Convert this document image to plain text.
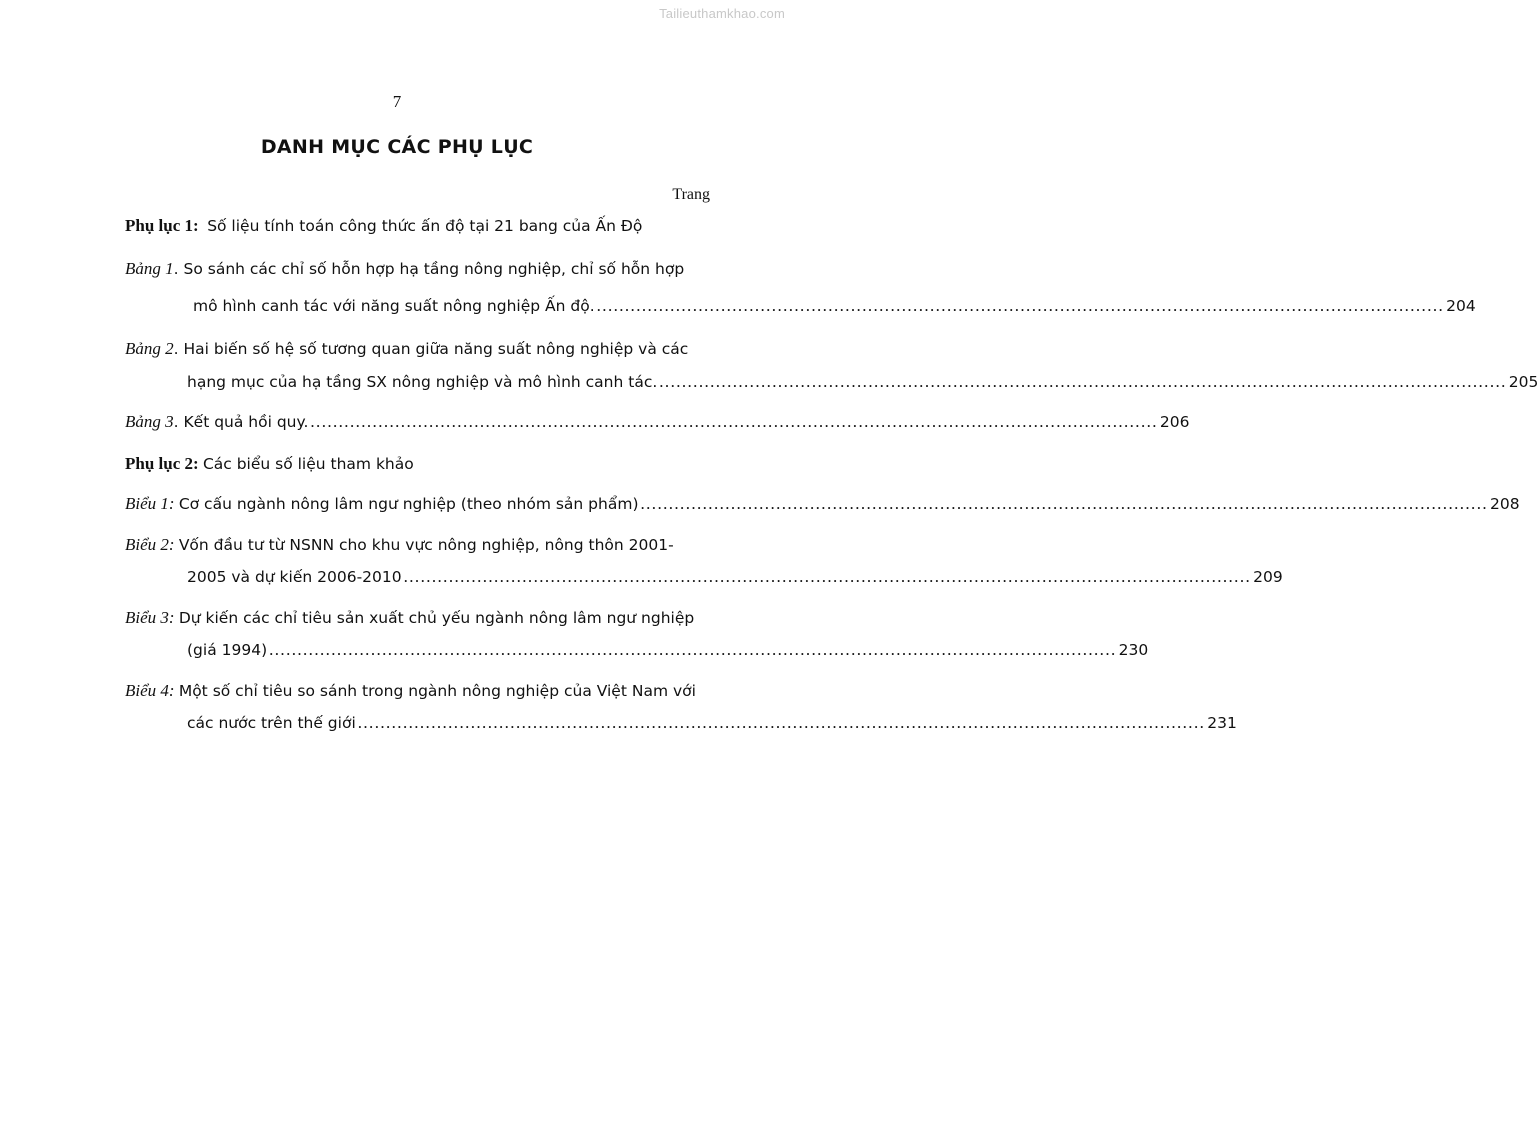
Tailieuthamkhao.com
7
DANH MỤC CÁC PHỤ LỤC
Trang
Phụ lục 1: Số liệu tính toán công thức ấn độ tại 21 bang của Ấn Độ
Bảng 1. So sánh các chỉ số hỗn hợp hạ tầng nông nghiệp, chỉ số hỗn hợp
mô hình canh tác với năng suất nông nghiệp Ấn độ. ...................................................................................................................................................... 204
Bảng 2. Hai biến số hệ số tương quan giữa năng suất nông nghiệp và các
hạng mục của hạ tầng SX nông nghiệp và mô hình canh tác. ...................................................................................................................................................... 205
Bảng 3. Kết quả hồi quy. ...................................................................................................................................................... 206
Phụ lục 2: Các biểu số liệu tham khảo
Biểu 1: Cơ cấu ngành nông lâm ngư nghiệp (theo nhóm sản phẩm) ...................................................................................................................................................... 208
Biểu 2: Vốn đầu tư từ NSNN cho khu vực nông nghiệp, nông thôn 2001-
2005 và dự kiến 2006-2010 ...................................................................................................................................................... 209
Biểu 3: Dự kiến các chỉ tiêu sản xuất chủ yếu ngành nông lâm ngư nghiệp
(giá 1994) ...................................................................................................................................................... 230
Biểu 4: Một số chỉ tiêu so sánh trong ngành nông nghiệp của Việt Nam với
các nước trên thế giới ...................................................................................................................................................... 231
